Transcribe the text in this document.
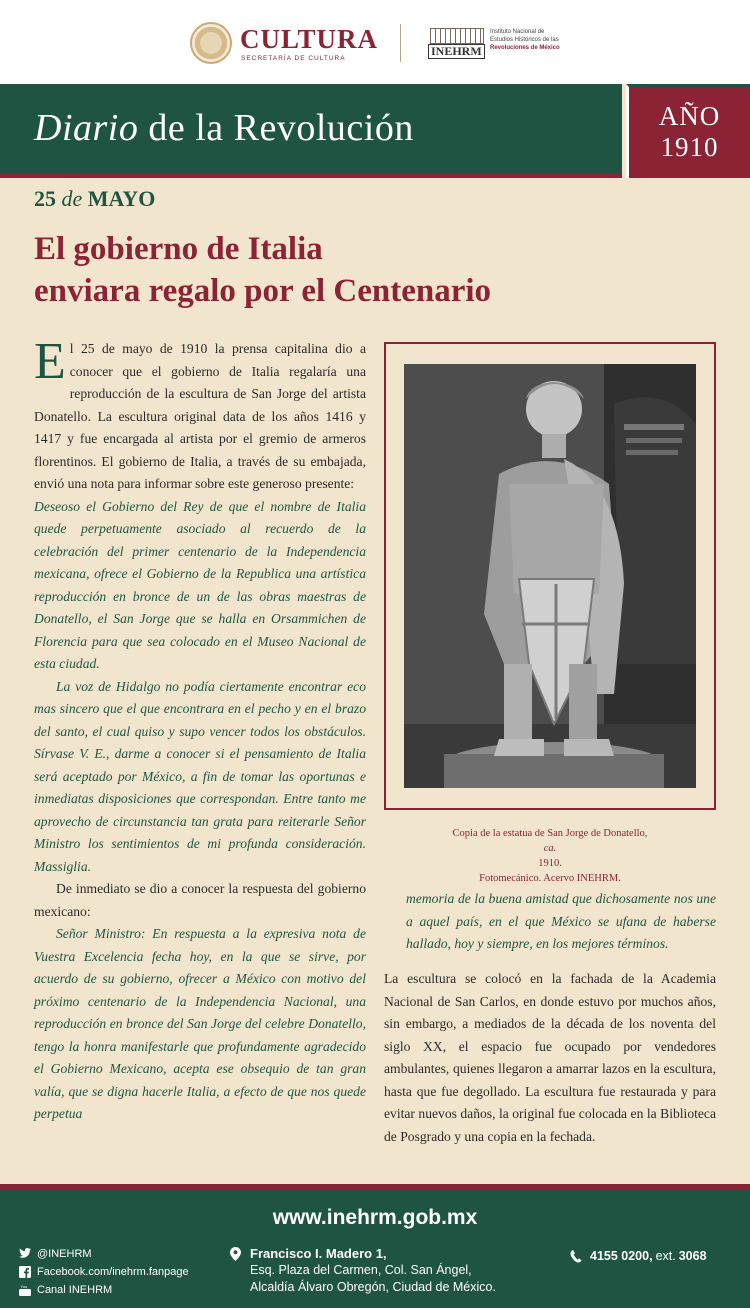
CULTURA
SECRETARÍA DE CULTURA
INEHRM
Instituto Nacional de
Estudios Históricos de las
Revoluciones de México
Diario de la Revolución	AÑO
1910
25 de MAYO
El gobierno de Italia
enviara regalo por el Centenario

El 25 de mayo de 1910 la prensa capitalina dio a conocer que el gobierno de Italia regalaría una reproducción de la escultura de San Jorge del artista Donatello. La escultura original data de los años 1416 y 1417 y fue encargada al artista por el gremio de armeros florentinos. El gobierno de Italia, a través de su embajada, envió una nota para informar sobre este generoso presente:

Deseoso el Gobierno del Rey de que el nombre de Italia quede perpetuamente asociado al recuerdo de la celebración del primer centenario de la Independencia mexicana, ofrece el Gobierno de la Republica una artística reproducción en bronce de un de las obras maestras de Donatello, el San Jorge que se halla en Orsammichen de Florencia para que sea colocado en el Museo Nacional de esta ciudad.

La voz de Hidalgo no podía ciertamente encontrar eco mas sincero que el que encontrara en el pecho y en el brazo del santo, el cual quiso y supo vencer todos los obstáculos. Sírvase V. E., darme a conocer si el pensamiento de Italia será aceptado por México, a fin de tomar las oportunas e inmediatas disposiciones que correspondan. Entre tanto me aprovecho de circunstancia tan grata para reiterarle Señor Ministro los sentimientos de mi profunda consideración. Massiglia.

De inmediato se dio a conocer la respuesta del gobierno mexicano:

Señor Ministro: En respuesta a la expresiva nota de Vuestra Excelencia fecha hoy, en la que se sirve, por acuerdo de su gobierno, ofrecer a México con motivo del próximo centenario de la Independencia Nacional, una reproducción en bronce del San Jorge del celebre Donatello, tengo la honra manifestarle que profundamente agradecido el Gobierno Mexicano, acepta ese obsequio de tan gran valía, que se digna hacerle Italia, a efecto de que nos quede perpetua

Copia de la estatua de San Jorge de Donatello,
ca.
1910.
Fotomecánico. Acervo INEHRM.
memoria de la buena amistad que dichosamente nos une a aquel país, en el que México se ufana de haberse hallado, hoy y siempre, en los mejores términos.
La escultura se colocó en la fachada de la Academia Nacional de San Carlos, en donde estuvo por muchos años, sin embargo, a mediados de la década de los noventa del siglo XX, el espacio fue ocupado por vendedores ambulantes, quienes llegaron a amarrar lazos en la escultura, hasta que fue degollado. La escultura fue restaurada y para evitar nuevos daños, la original fue colocada en la Biblioteca de Posgrado y una copia en la fechada.
www.inehrm.gob.mx
@INEHRM
Facebook.com/inehrm.fanpage
You Canal INEHRM
Francisco I. Madero 1,
Esq. Plaza del Carmen, Col. San Ángel,
Alcaldía Álvaro Obregón, Ciudad de México.
4155 0200, ext. 3068
